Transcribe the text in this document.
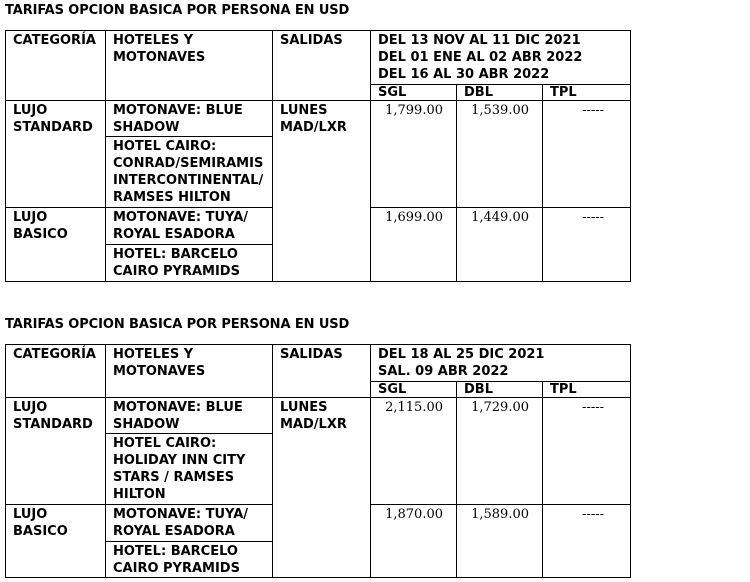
TARIFAS OPCION BASICA POR PERSONA EN USD
CATEGORÍA	HOTELES Y MOTONAVES	SALIDAS	DEL 13 NOV AL 11 DIC 2021
DEL 01 ENE AL 02 ABR 2022
DEL 16 AL 30 ABR 2022		

			SGL	DBL	TPL
LUJO STANDARD	MOTONAVE: BLUE SHADOW	LUNES MAD/LXR	1,799.00	1,539.00	-----
	HOTEL CAIRO: CONRAD/SEMIRAMIS INTERCONTINENTAL/ RAMSES HILTON				
LUJO BASICO	MOTONAVE: TUYA/ ROYAL ESADORA		1,699.00	1,449.00	-----
	HOTEL: BARCELO CAIRO PYRAMIDS				
TARIFAS OPCION BASICA POR PERSONA EN USD
CATEGORÍA	HOTELES Y MOTONAVES	SALIDAS	DEL 18 AL 25 DIC 2021
SAL. 09 ABR 2022		

			SGL	DBL	TPL
LUJO STANDARD	MOTONAVE: BLUE SHADOW	LUNES MAD/LXR	2,115.00	1,729.00	-----
	HOTEL CAIRO: HOLIDAY INN CITY STARS / RAMSES HILTON				
LUJO BASICO	MOTONAVE: TUYA/ ROYAL ESADORA		1,870.00	1,589.00	-----
	HOTEL: BARCELO CAIRO PYRAMIDS				
